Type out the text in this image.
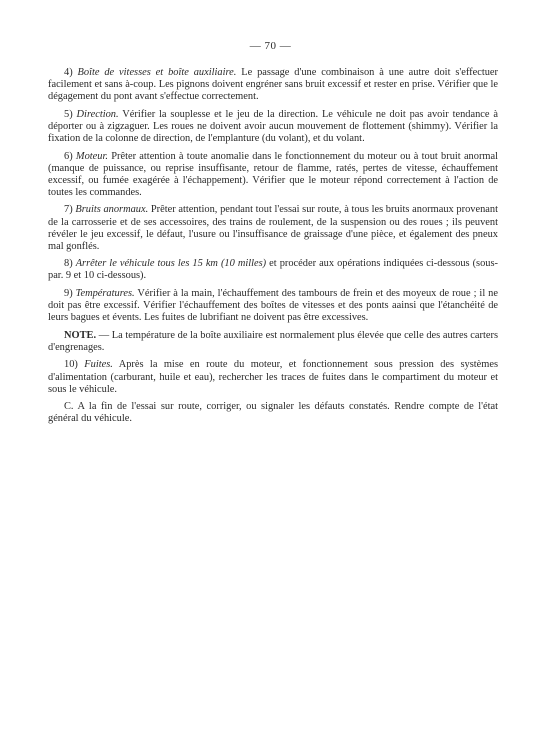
— 70 —

4) Boîte de vitesses et boîte auxiliaire. Le passage d'une combinaison à une autre doit s'effectuer facilement et sans à-coup. Les pignons doivent engréner sans bruit excessif et rester en prise. Vérifier que le dégagement du pont avant s'effectue correctement.

5) Direction. Vérifier la souplesse et le jeu de la direction. Le véhicule ne doit pas avoir tendance à déporter ou à zigzaguer. Les roues ne doivent avoir aucun mouvement de flottement (shimmy). Vérifier la fixation de la colonne de direction, de l'emplanture (du volant), et du volant.

6) Moteur. Prêter attention à toute anomalie dans le fonctionnement du moteur ou à tout bruit anormal (manque de puissance, ou reprise insuffisante, retour de flamme, ratés, pertes de vitesse, échauffement excessif, ou fumée exagérée à l'échappement). Vérifier que le moteur répond correctement à l'action de toutes les commandes.

7) Bruits anormaux. Prêter attention, pendant tout l'essai sur route, à tous les bruits anormaux provenant de la carrosserie et de ses accessoires, des trains de roulement, de la suspension ou des roues ; ils peuvent révéler le jeu excessif, le défaut, l'usure ou l'insuffisance de graissage d'une pièce, et également des pneux mal gonflés.

8) Arrêter le véhicule tous les 15 km (10 milles) et procéder aux opérations indiquées ci-dessous (sous-par. 9 et 10 ci-dessous).

9) Températures. Vérifier à la main, l'échauffement des tambours de frein et des moyeux de roue ; il ne doit pas être excessif. Vérifier l'échauffement des boîtes de vitesses et des ponts aainsi que l'étanchéité de leurs bagues et évents. Les fuites de lubrifiant ne doivent pas être excessives.

NOTE. — La température de la boîte auxiliaire est normalement plus élevée que celle des autres carters d'engrenages.

10) Fuites. Après la mise en route du moteur, et fonctionnement sous pression des systèmes d'alimentation (carburant, huile et eau), rechercher les traces de fuites dans le compartiment du moteur et sous le véhicule.

C. A la fin de l'essai sur route, corriger, ou signaler les défauts constatés. Rendre compte de l'état général du véhicule.
